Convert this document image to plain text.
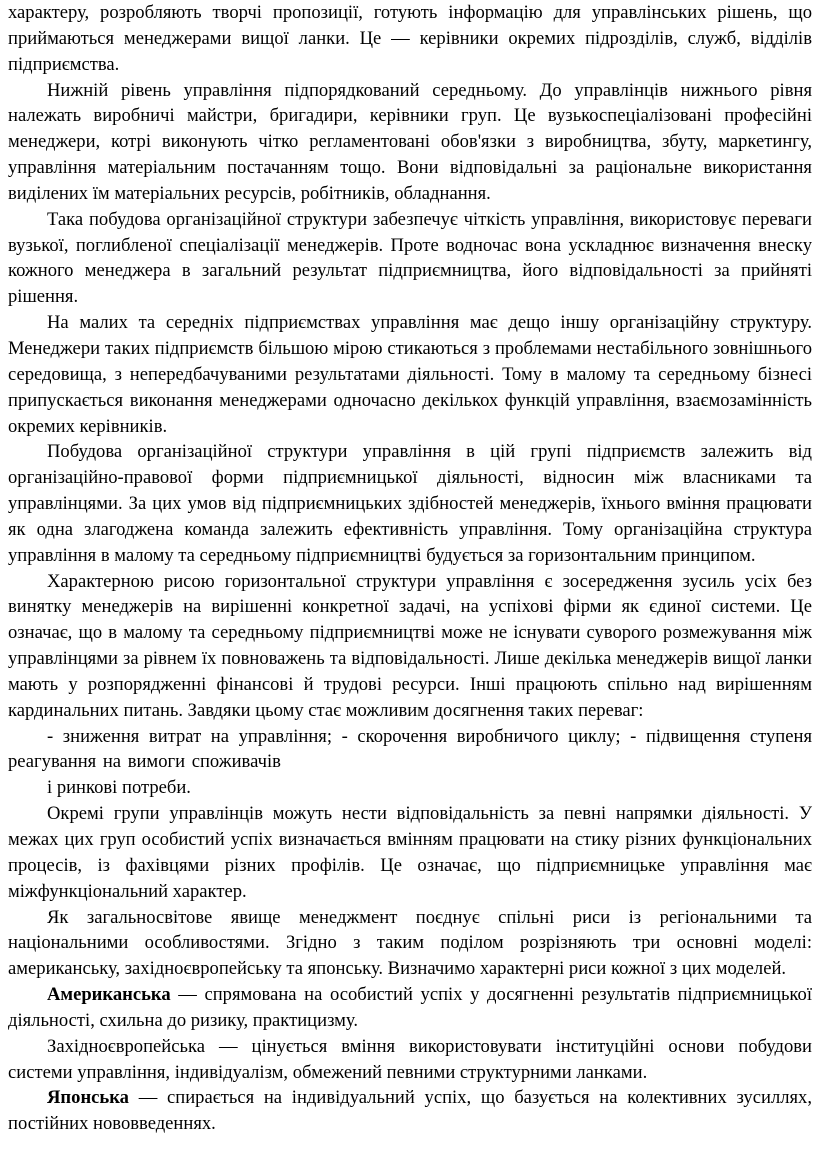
характеру, розробляють творчі пропозиції, готують інформацію для управлінських рішень, що приймаються менеджерами вищої ланки. Це — керівники окремих підрозділів, служб, відділів підприємства.

Нижній рівень управління підпорядкований середньому. До управлінців нижнього рівня належать виробничі майстри, бригадири, керівники груп. Це вузькоспеціалізовані професійні менеджери, котрі виконують чітко регламентовані обов'язки з виробництва, збуту, маркетингу, управління матеріальним постачанням тощо. Вони відповідальні за раціональне використання виділених їм матеріальних ресурсів, робітників, обладнання.

Така побудова організаційної структури забезпечує чіткість управління, використовує переваги вузької, поглибленої спеціалізації менеджерів. Проте водночас вона ускладнює визначення внеску кожного менеджера в загальний результат підприємництва, його відповідальності за прийняті рішення.

На малих та середніх підприємствах управління має дещо іншу організаційну структуру. Менеджери таких підприємств більшою мірою стикаються з проблемами нестабільного зовнішнього середовища, з непередбачуваними результатами діяльності. Тому в малому та середньому бізнесі припускається виконання менеджерами одночасно декількох функцій управління, взаємозамінність окремих керівників.

Побудова організаційної структури управління в цій групі підприємств залежить від організаційно-правової форми підприємницької діяльності, відносин між власниками та управлінцями. За цих умов від підприємницьких здібностей менеджерів, їхнього вміння працювати як одна злагоджена команда залежить ефективність управління. Тому організаційна структура управління в малому та середньому підприємництві будується за горизонтальним принципом.

Характерною рисою горизонтальної структури управління є зосередження зусиль усіх без винятку менеджерів на вирішенні конкретної задачі, на успіхові фірми як єдиної системи. Це означає, що в малому та середньому підприємництві може не існувати суворого розмежування між управлінцями за рівнем їх повноважень та відповідальності. Лише декілька менеджерів вищої ланки мають у розпорядженні фінансові й трудові ресурси. Інші працюють спільно над вирішенням кардинальних питань. Завдяки цьому стає можливим досягнення таких переваг:

- зниження витрат на управління; - скорочення виробничого циклу; - підвищення ступеня реагування на вимоги споживачів

і ринкові потреби.

Окремі групи управлінців можуть нести відповідальність за певні напрямки діяльності. У межах цих груп особистий успіх визначається вмінням працювати на стику різних функціональних процесів, із фахівцями різних профілів. Це означає, що підприємницьке управління має міжфункціональний характер.

Як загальносвітове явище менеджмент поєднує спільні риси із регіональними та національними особливостями. Згідно з таким поділом розрізняють три основні моделі: американську, західноєвропейську та японську. Визначимо характерні риси кожної з цих моделей.

Американська — спрямована на особистий успіх у досягненні результатів підприємницької діяльності, схильна до ризику, практицизму.

Західноєвропейська — цінується вміння використовувати інституційні основи побудови системи управління, індивідуалізм, обмежений певними структурними ланками.

Японська — спирається на індивідуальний успіх, що базується на колективних зусиллях, постійних нововведеннях.
